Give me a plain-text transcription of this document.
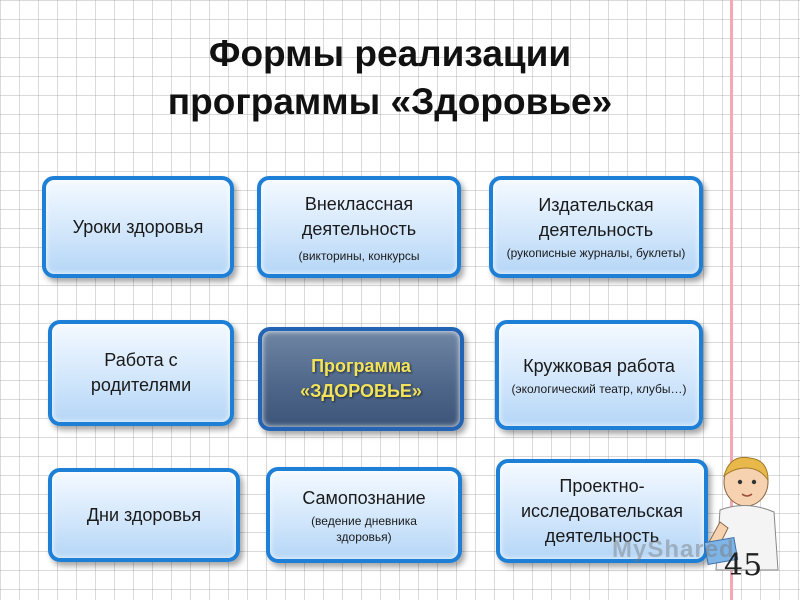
Формы реализации
программы «Здоровье»
Уроки здоровья
Внеклассная
деятельность
(викторины, конкурсы
Издательская
деятельность
(рукописные журналы, буклеты)
Работа с
родителями
Программа
«ЗДОРОВЬЕ»
Кружковая работа
(экологический театр, клубы…)
Дни здоровья
Самопознание
(ведение дневника
здоровья)
Проектно-
исследовательская
деятельность
MyShared
45
